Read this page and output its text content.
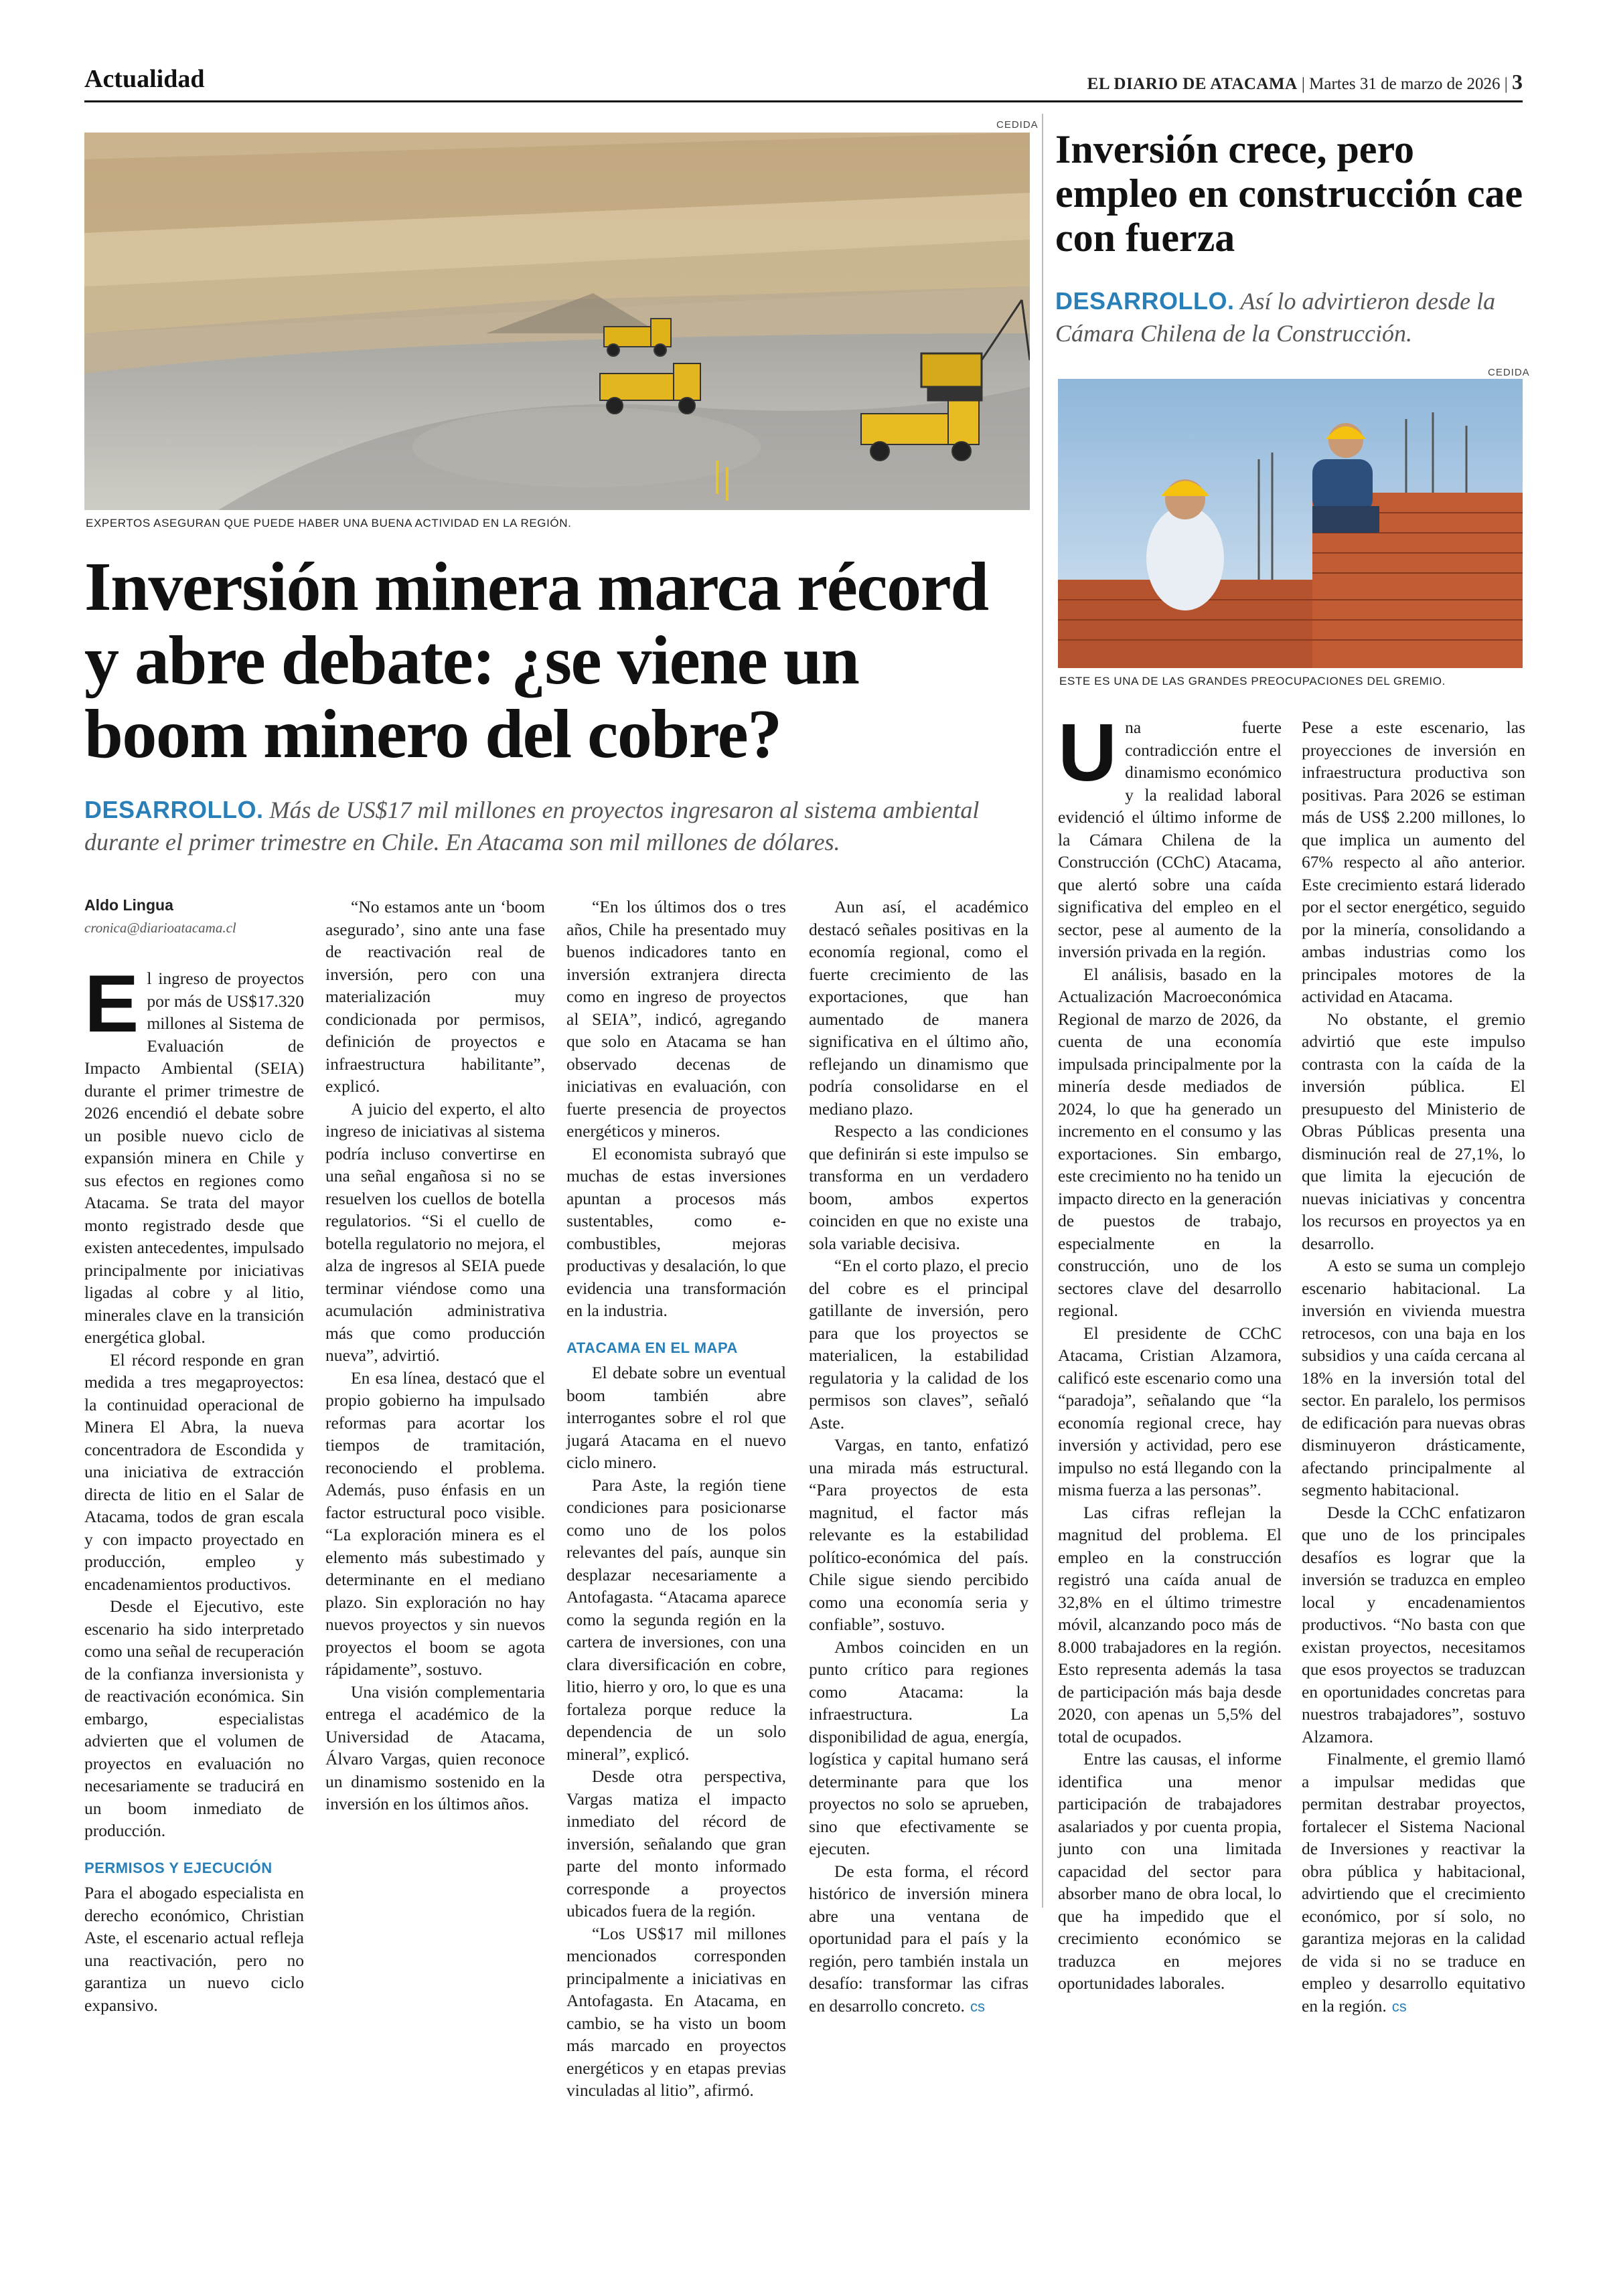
Actualidad	EL DIARIO DE ATACAMA | Martes 31 de marzo de 2026 | 3
CEDIDA
EXPERTOS ASEGURAN QUE PUEDE HABER UNA BUENA ACTIVIDAD EN LA REGIÓN.
Inversión minera marca récord y abre debate: ¿se viene un boom minero del cobre?
DESARROLLO. Más de US$17 mil millones en proyectos ingresaron al sistema ambiental durante el primer trimestre en Chile. En Atacama son mil millones de dólares.
Aldo Lingua
cronica@diarioatacama.cl

El ingreso de proyectos por más de US$17.320 millones al Sistema de Evaluación de Impacto Ambiental (SEIA) durante el primer trimestre de 2026 encendió el debate sobre un posible nuevo ciclo de expansión minera en Chile y sus efectos en regiones como Atacama. Se trata del mayor monto registrado desde que existen antecedentes, impulsado principalmente por iniciativas ligadas al cobre y al litio, minerales clave en la transición energética global.

El récord responde en gran medida a tres megaproyectos: la continuidad operacional de Minera El Abra, la nueva concentradora de Escondida y una iniciativa de extracción directa de litio en el Salar de Atacama, todos de gran escala y con impacto proyectado en producción, empleo y encadenamientos productivos.

Desde el Ejecutivo, este escenario ha sido interpretado como una señal de recuperación de la confianza inversionista y de reactivación económica. Sin embargo, especialistas advierten que el volumen de proyectos en evaluación no necesariamente se traducirá en un boom inmediato de producción.

PERMISOS Y EJECUCIÓN

Para el abogado especialista en derecho económico, Christian Aste, el escenario actual refleja una reactivación, pero no garantiza un nuevo ciclo expansivo.

“No estamos ante un ‘boom asegurado’, sino ante una fase de reactivación real de inversión, pero con una materialización muy condicionada por permisos, definición de proyectos e infraestructura habilitante”, explicó.

A juicio del experto, el alto ingreso de iniciativas al sistema podría incluso convertirse en una señal engañosa si no se resuelven los cuellos de botella regulatorios. “Si el cuello de botella regulatorio no mejora, el alza de ingresos al SEIA puede terminar viéndose como una acumulación administrativa más que como producción nueva”, advirtió.

En esa línea, destacó que el propio gobierno ha impulsado reformas para acortar los tiempos de tramitación, reconociendo el problema. Además, puso énfasis en un factor estructural poco visible. “La exploración minera es el elemento más subestimado y determinante en el mediano plazo. Sin exploración no hay nuevos proyectos y sin nuevos proyectos el boom se agota rápidamente”, sostuvo.

Una visión complementaria entrega el académico de la Universidad de Atacama, Álvaro Vargas, quien reconoce un dinamismo sostenido en la inversión en los últimos años.

“En los últimos dos o tres años, Chile ha presentado muy buenos indicadores tanto en inversión extranjera directa como en ingreso de proyectos al SEIA”, indicó, agregando que solo en Atacama se han observado decenas de iniciativas en evaluación, con fuerte presencia de proyectos energéticos y mineros.

El economista subrayó que muchas de estas inversiones apuntan a procesos más sustentables, como e-combustibles, mejoras productivas y desalación, lo que evidencia una transformación en la industria.

ATACAMA EN EL MAPA

El debate sobre un eventual boom también abre interrogantes sobre el rol que jugará Atacama en el nuevo ciclo minero.

Para Aste, la región tiene condiciones para posicionarse como uno de los polos relevantes del país, aunque sin desplazar necesariamente a Antofagasta. “Atacama aparece como la segunda región en la cartera de inversiones, con una clara diversificación en cobre, litio, hierro y oro, lo que es una fortaleza porque reduce la dependencia de un solo mineral”, explicó.

Desde otra perspectiva, Vargas matiza el impacto inmediato del récord de inversión, señalando que gran parte del monto informado corresponde a proyectos ubicados fuera de la región.

“Los US$17 mil millones mencionados corresponden principalmente a iniciativas en Antofagasta. En Atacama, en cambio, se ha visto un boom más marcado en proyectos energéticos y en etapas previas vinculadas al litio”, afirmó.

Aun así, el académico destacó señales positivas en la economía regional, como el fuerte crecimiento de las exportaciones, que han aumentado de manera significativa en el último año, reflejando un dinamismo que podría consolidarse en el mediano plazo.

Respecto a las condiciones que definirán si este impulso se transforma en un verdadero boom, ambos expertos coinciden en que no existe una sola variable decisiva.

“En el corto plazo, el precio del cobre es el principal gatillante de inversión, pero para que los proyectos se materialicen, la estabilidad regulatoria y la calidad de los permisos son claves”, señaló Aste.

Vargas, en tanto, enfatizó una mirada más estructural. “Para proyectos de esta magnitud, el factor más relevante es la estabilidad político-económica del país. Chile sigue siendo percibido como una economía seria y confiable”, sostuvo.

Ambos coinciden en un punto crítico para regiones como Atacama: la infraestructura. La disponibilidad de agua, energía, logística y capital humano será determinante para que los proyectos no solo se aprueben, sino que efectivamente se ejecuten.

De esta forma, el récord histórico de inversión minera abre una ventana de oportunidad para el país y la región, pero también instala un desafío: transformar las cifras en desarrollo concreto. cs

Inversión crece, pero empleo en construcción cae con fuerza
DESARROLLO. Así lo advirtieron desde la Cámara Chilena de la Construcción.
CEDIDA
ESTE ES UNA DE LAS GRANDES PREOCUPACIONES DEL GREMIO.

Una fuerte contradicción entre el dinamismo económico y la realidad laboral evidenció el último informe de la Cámara Chilena de la Construcción (CChC) Atacama, que alertó sobre una caída significativa del empleo en el sector, pese al aumento de la inversión privada en la región.

El análisis, basado en la Actualización Macroeconómica Regional de marzo de 2026, da cuenta de una economía impulsada principalmente por la minería desde mediados de 2024, lo que ha generado un incremento en el consumo y las exportaciones. Sin embargo, este crecimiento no ha tenido un impacto directo en la generación de puestos de trabajo, especialmente en la construcción, uno de los sectores clave del desarrollo regional.

El presidente de CChC Atacama, Cristian Alzamora, calificó este escenario como una “paradoja”, señalando que “la economía regional crece, hay inversión y actividad, pero ese impulso no está llegando con la misma fuerza a las personas”.

Las cifras reflejan la magnitud del problema. El empleo en la construcción registró una caída anual de 32,8% en el último trimestre móvil, alcanzando poco más de 8.000 trabajadores en la región. Esto representa además la tasa de participación más baja desde 2020, con apenas un 5,5% del total de ocupados.

Entre las causas, el informe identifica una menor participación de trabajadores asalariados y por cuenta propia, junto con una limitada capacidad del sector para absorber mano de obra local, lo que ha impedido que el crecimiento económico se traduzca en mejores oportunidades laborales.

Pese a este escenario, las proyecciones de inversión en infraestructura productiva son positivas. Para 2026 se estiman más de US$ 2.200 millones, lo que implica un aumento del 67% respecto al año anterior. Este crecimiento estará liderado por el sector energético, seguido por la minería, consolidando a ambas industrias como los principales motores de la actividad en Atacama.

No obstante, el gremio advirtió que este impulso contrasta con la caída de la inversión pública. El presupuesto del Ministerio de Obras Públicas presenta una disminución real de 27,1%, lo que limita la ejecución de nuevas iniciativas y concentra los recursos en proyectos ya en desarrollo.

A esto se suma un complejo escenario habitacional. La inversión en vivienda muestra retrocesos, con una baja en los subsidios y una caída cercana al 18% en la inversión total del sector. En paralelo, los permisos de edificación para nuevas obras disminuyeron drásticamente, afectando principalmente al segmento habitacional.

Desde la CChC enfatizaron que uno de los principales desafíos es lograr que la inversión se traduzca en empleo local y encadenamientos productivos. “No basta con que existan proyectos, necesitamos que esos proyectos se traduzcan en oportunidades concretas para nuestros trabajadores”, sostuvo Alzamora.

Finalmente, el gremio llamó a impulsar medidas que permitan destrabar proyectos, fortalecer el Sistema Nacional de Inversiones y reactivar la obra pública y habitacional, advirtiendo que el crecimiento económico, por sí solo, no garantiza mejoras en la calidad de vida si no se traduce en empleo y desarrollo equitativo en la región. cs
